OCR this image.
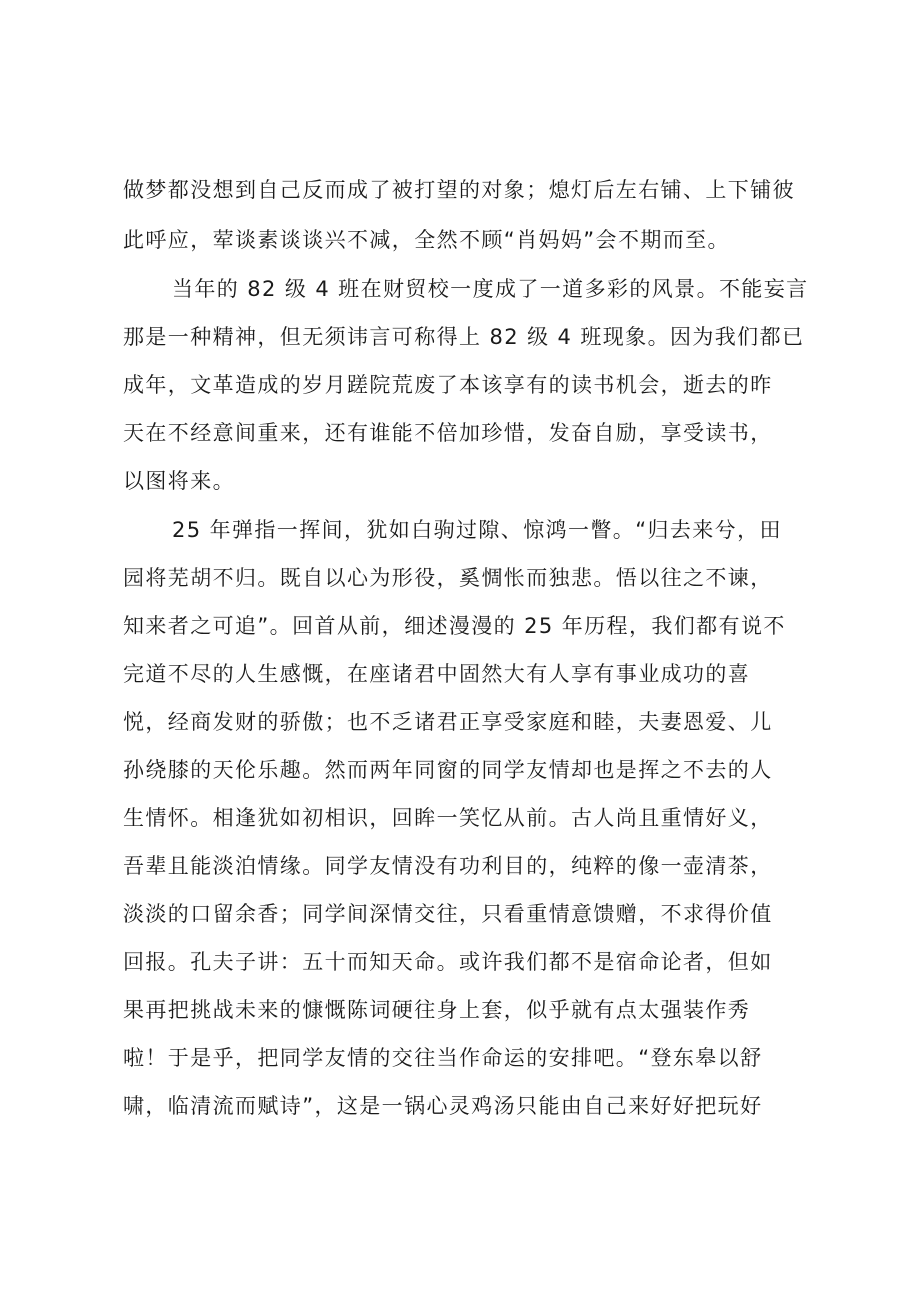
做梦都没想到自己反而成了被打望的对象；熄灯后左右铺、上下铺彼
此呼应，荤谈素谈谈兴不减，全然不顾“肖妈妈”会不期而至。
当年的 82 级 4 班在财贸校一度成了一道多彩的风景。不能妄言
那是一种精神，但无须讳言可称得上 82 级 4 班现象。因为我们都已
成年，文革造成的岁月蹉院荒废了本该享有的读书机会，逝去的昨
天在不经意间重来，还有谁能不倍加珍惜，发奋自励，享受读书，
以图将来。
25 年弹指一挥间，犹如白驹过隙、惊鸿一瞥。“归去来兮，田
园将芜胡不归。既自以心为形役，奚惆怅而独悲。悟以往之不谏，
知来者之可追”。回首从前，细述漫漫的 25 年历程，我们都有说不
完道不尽的人生感慨，在座诸君中固然大有人享有事业成功的喜
悦，经商发财的骄傲；也不乏诸君正享受家庭和睦，夫妻恩爱、儿
孙绕膝的天伦乐趣。然而两年同窗的同学友情却也是挥之不去的人
生情怀。相逢犹如初相识，回眸一笑忆从前。古人尚且重情好义，
吾辈且能淡泊情缘。同学友情没有功利目的，纯粹的像一壶清茶，
淡淡的口留余香；同学间深情交往，只看重情意馈赠，不求得价值
回报。孔夫子讲：五十而知天命。或许我们都不是宿命论者，但如
果再把挑战未来的慷慨陈词硬往身上套，似乎就有点太强装作秀
啦！于是乎，把同学友情的交往当作命运的安排吧。“登东皋以舒
啸，临清流而赋诗”，这是一锅心灵鸡汤只能由自己来好好把玩好
